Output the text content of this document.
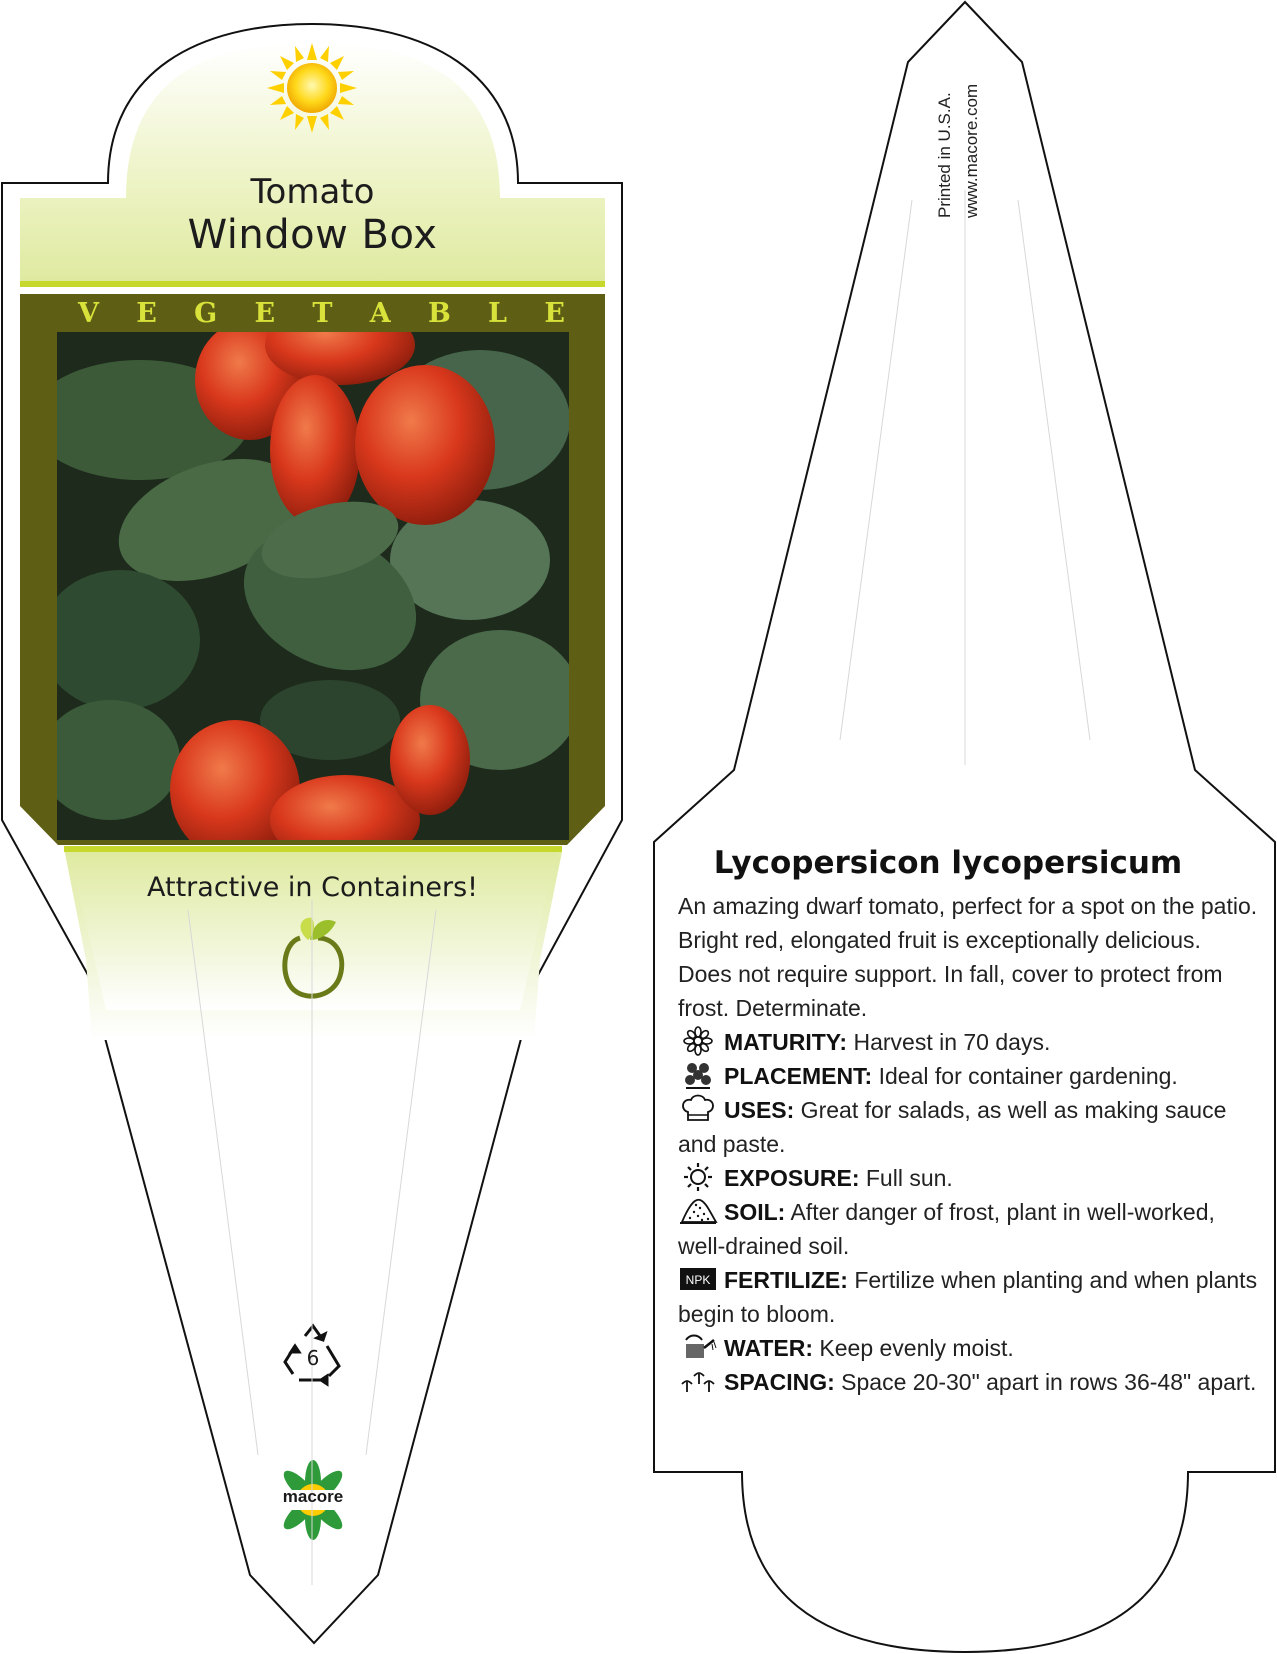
Tomato
Window Box
V E G E T A B L E
Attractive in Containers!
6
macore
Printed in U.S.A. www.macore.com
Lycopersicon lycopersicum
An amazing dwarf tomato, perfect for a spot on the patio. Bright red, elongated fruit is exceptionally delicious. Does not require support. In fall, cover to protect from frost. Determinate.
MATURITY: Harvest in 70 days.
PLACEMENT: Ideal for container gardening.
USES: Great for salads, as well as making sauce and paste.
EXPOSURE: Full sun.
SOIL: After danger of frost, plant in well-worked, well-drained soil.
NPK FERTILIZE: Fertilize when planting and when plants begin to bloom.
WATER: Keep evenly moist.
SPACING: Space 20-30" apart in rows 36-48" apart.
